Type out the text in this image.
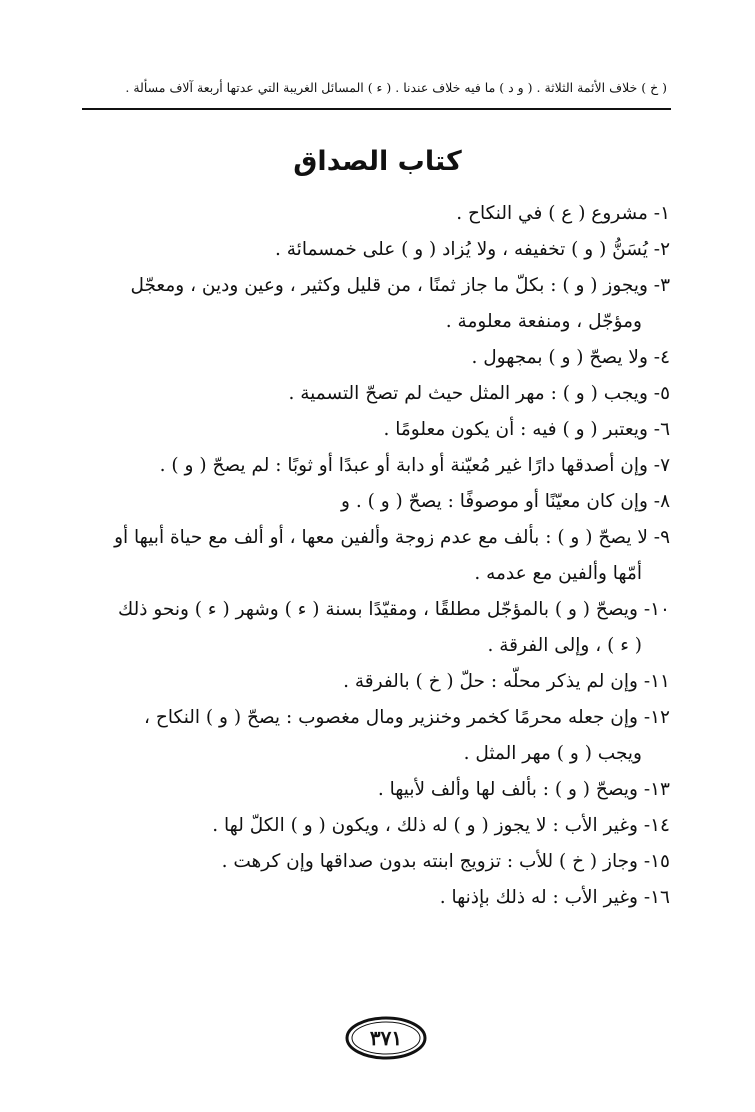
( خ ) خلاف الأئمة الثلاثة . ( و د ) ما فيه خلاف عندنا . ( ء ) المسائل الغريبة التي عدتها أربعة آلاف مسألة .
كتاب الصداق
١- مشروع ( ع ) في النكاح .
٢- يُسَنُّ ( و ) تخفيفه ، ولا يُزاد ( و ) على خمسمائة .
٣- ويجوز ( و ) : بكلّ ما جاز ثمنًا ، من قليل وكثير ، وعين ودين ، ومعجّل
ومؤجّل ، ومنفعة معلومة .
٤- ولا يصحّ ( و ) بمجهول .
٥- ويجب ( و ) : مهر المثل حيث لم تصحّ التسمية .
٦- ويعتبر ( و ) فيه : أن يكون معلومًا .
٧- وإن أصدقها دارًا غير مُعيّنة أو دابة أو عبدًا أو ثوبًا : لم يصحّ ( و ) .
٨- وإن كان معيّنًا أو موصوفًا : يصحّ ( و ) . و
٩- لا يصحّ ( و ) : بألف مع عدم زوجة وألفين معها ، أو ألف مع حياة أبيها أو
أمّها وألفين مع عدمه .
١٠- ويصحّ ( و ) بالمؤجّل مطلقًا ، ومقيّدًا بسنة ( ء ) وشهر ( ء ) ونحو ذلك
( ء ) ، وإلى الفرقة .
١١- وإن لم يذكر محلّه : حلّ ( خ ) بالفرقة .
١٢- وإن جعله محرمًا كخمر وخنزير ومال مغصوب : يصحّ ( و ) النكاح ،
ويجب ( و ) مهر المثل .
١٣- ويصحّ ( و ) : بألف لها وألف لأبيها .
١٤- وغير الأب : لا يجوز ( و ) له ذلك ، ويكون ( و ) الكلّ لها .
١٥- وجاز ( خ ) للأب : تزويج ابنته بدون صداقها وإن كرهت .
١٦- وغير الأب : له ذلك بإذنها .
٣٧١
